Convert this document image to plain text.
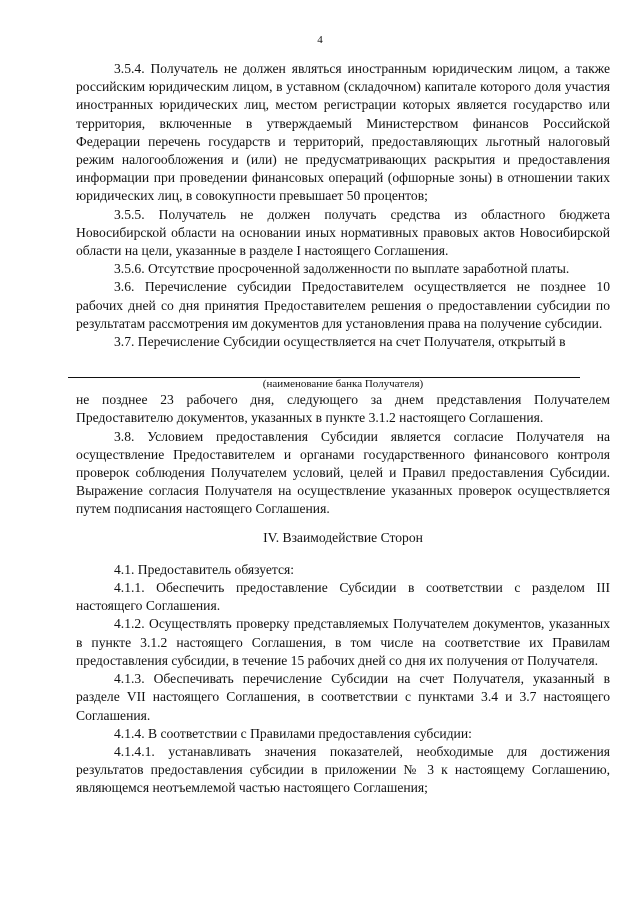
4

3.5.4. Получатель не должен являться иностранным юридическим лицом, а также российским юридическим лицом, в уставном (складочном) капитале которого доля участия иностранных юридических лиц, местом регистрации которых является государство или территория, включенные в утверждаемый Министерством финансов Российской Федерации перечень государств и территорий, предоставляющих льготный налоговый режим налогообложения и (или) не предусматривающих раскрытия и предоставления информации при проведении финансовых операций (офшорные зоны) в отношении таких юридических лиц, в совокупности превышает 50 процентов;

3.5.5. Получатель не должен получать средства из областного бюджета Новосибирской области на основании иных нормативных правовых актов Новосибирской области на цели, указанные в разделе I настоящего Соглашения.

3.5.6. Отсутствие просроченной задолженности по выплате заработной платы.

3.6. Перечисление субсидии Предоставителем осуществляется не позднее 10 рабочих дней со дня принятия Предоставителем решения о предоставлении субсидии по результатам рассмотрения им документов для установления права на получение субсидии.

3.7. Перечисление Субсидии осуществляется на счет Получателя, открытый в

(наименование банка Получателя)

не позднее 23 рабочего дня, следующего за днем представления Получателем Предоставителю документов, указанных в пункте 3.1.2 настоящего Соглашения.

3.8. Условием предоставления Субсидии является согласие Получателя на осуществление Предоставителем и органами государственного финансового контроля проверок соблюдения Получателем условий, целей и Правил предоставления Субсидии. Выражение согласия Получателя на осуществление указанных проверок осуществляется путем подписания настоящего Соглашения.

IV. Взаимодействие Сторон

4.1. Предоставитель обязуется:

4.1.1. Обеспечить предоставление Субсидии в соответствии с разделом III настоящего Соглашения.

4.1.2. Осуществлять проверку представляемых Получателем документов, указанных в пункте 3.1.2 настоящего Соглашения, в том числе на соответствие их Правилам предоставления субсидии, в течение 15 рабочих дней со дня их получения от Получателя.

4.1.3. Обеспечивать перечисление Субсидии на счет Получателя, указанный в разделе VII настоящего Соглашения, в соответствии с пунктами 3.4 и 3.7 настоящего Соглашения.

4.1.4. В соответствии с Правилами предоставления субсидии:

4.1.4.1. устанавливать значения показателей, необходимые для достижения результатов предоставления субсидии в приложении № 3 к настоящему Соглашению, являющемся неотъемлемой частью настоящего Соглашения;
